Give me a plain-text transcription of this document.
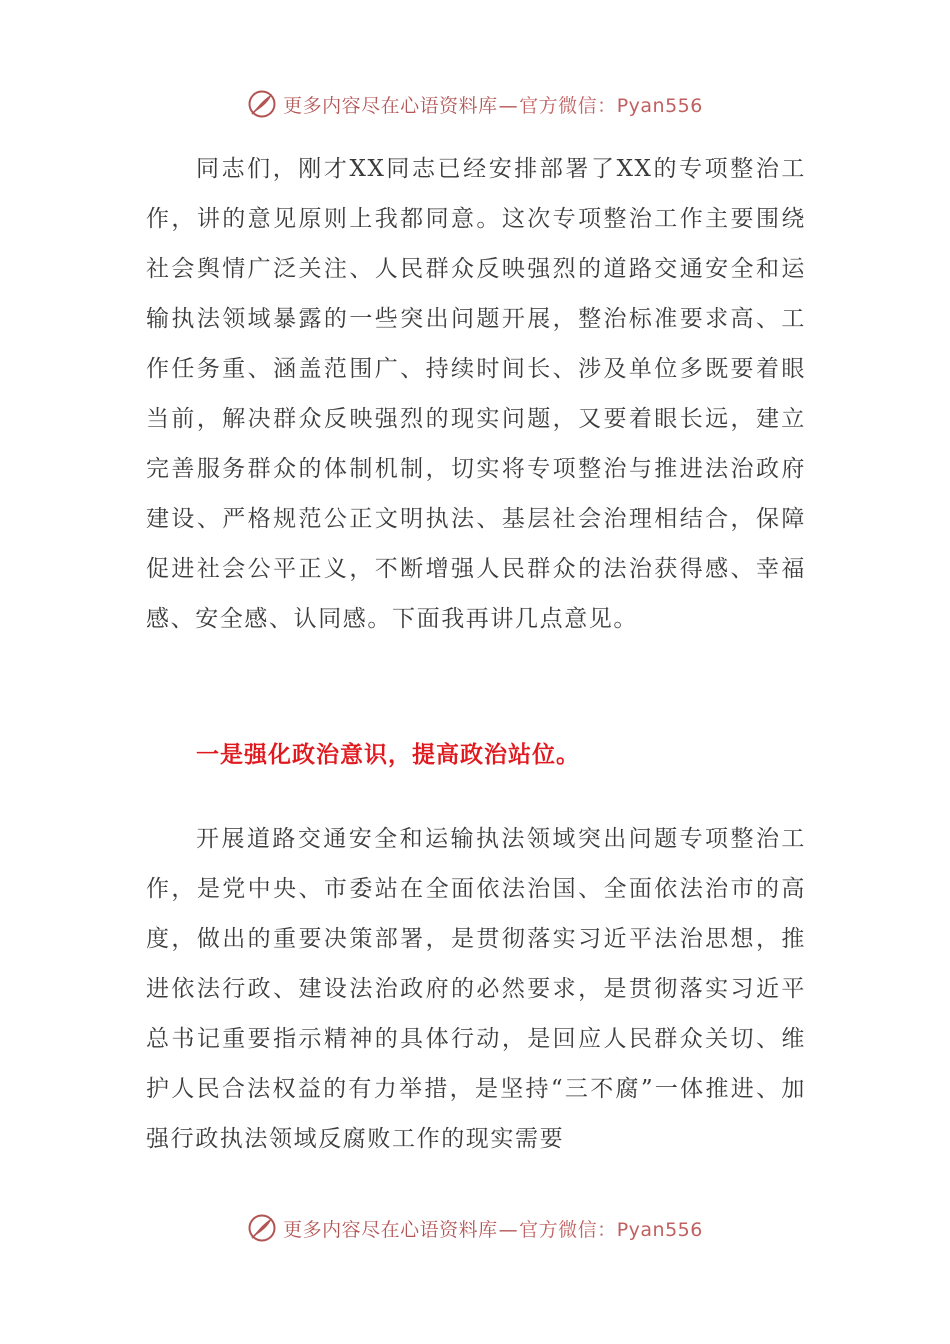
更多内容尽在心语资料库—官方微信：Pyan556

同志们，刚才XX同志已经安排部署了XX的专项整治工作，讲的意见原则上我都同意。这次专项整治工作主要围绕社会舆情广泛关注、人民群众反映强烈的道路交通安全和运输执法领域暴露的一些突出问题开展，整治标准要求高、工作任务重、涵盖范围广、持续时间长、涉及单位多既要着眼当前，解决群众反映强烈的现实问题，又要着眼长远，建立完善服务群众的体制机制，切实将专项整治与推进法治政府建设、严格规范公正文明执法、基层社会治理相结合，保障促进社会公平正义，不断增强人民群众的法治获得感、幸福感、安全感、认同感。下面我再讲几点意见。

一是强化政治意识，提高政治站位。

开展道路交通安全和运输执法领域突出问题专项整治工作，是党中央、市委站在全面依法治国、全面依法治市的高度，做出的重要决策部署，是贯彻落实习近平法治思想，推进依法行政、建设法治政府的必然要求，是贯彻落实习近平总书记重要指示精神的具体行动，是回应人民群众关切、维护人民合法权益的有力举措，是坚持“三不腐”一体推进、加强行政执法领域反腐败工作的现实需要

更多内容尽在心语资料库—官方微信：Pyan556
